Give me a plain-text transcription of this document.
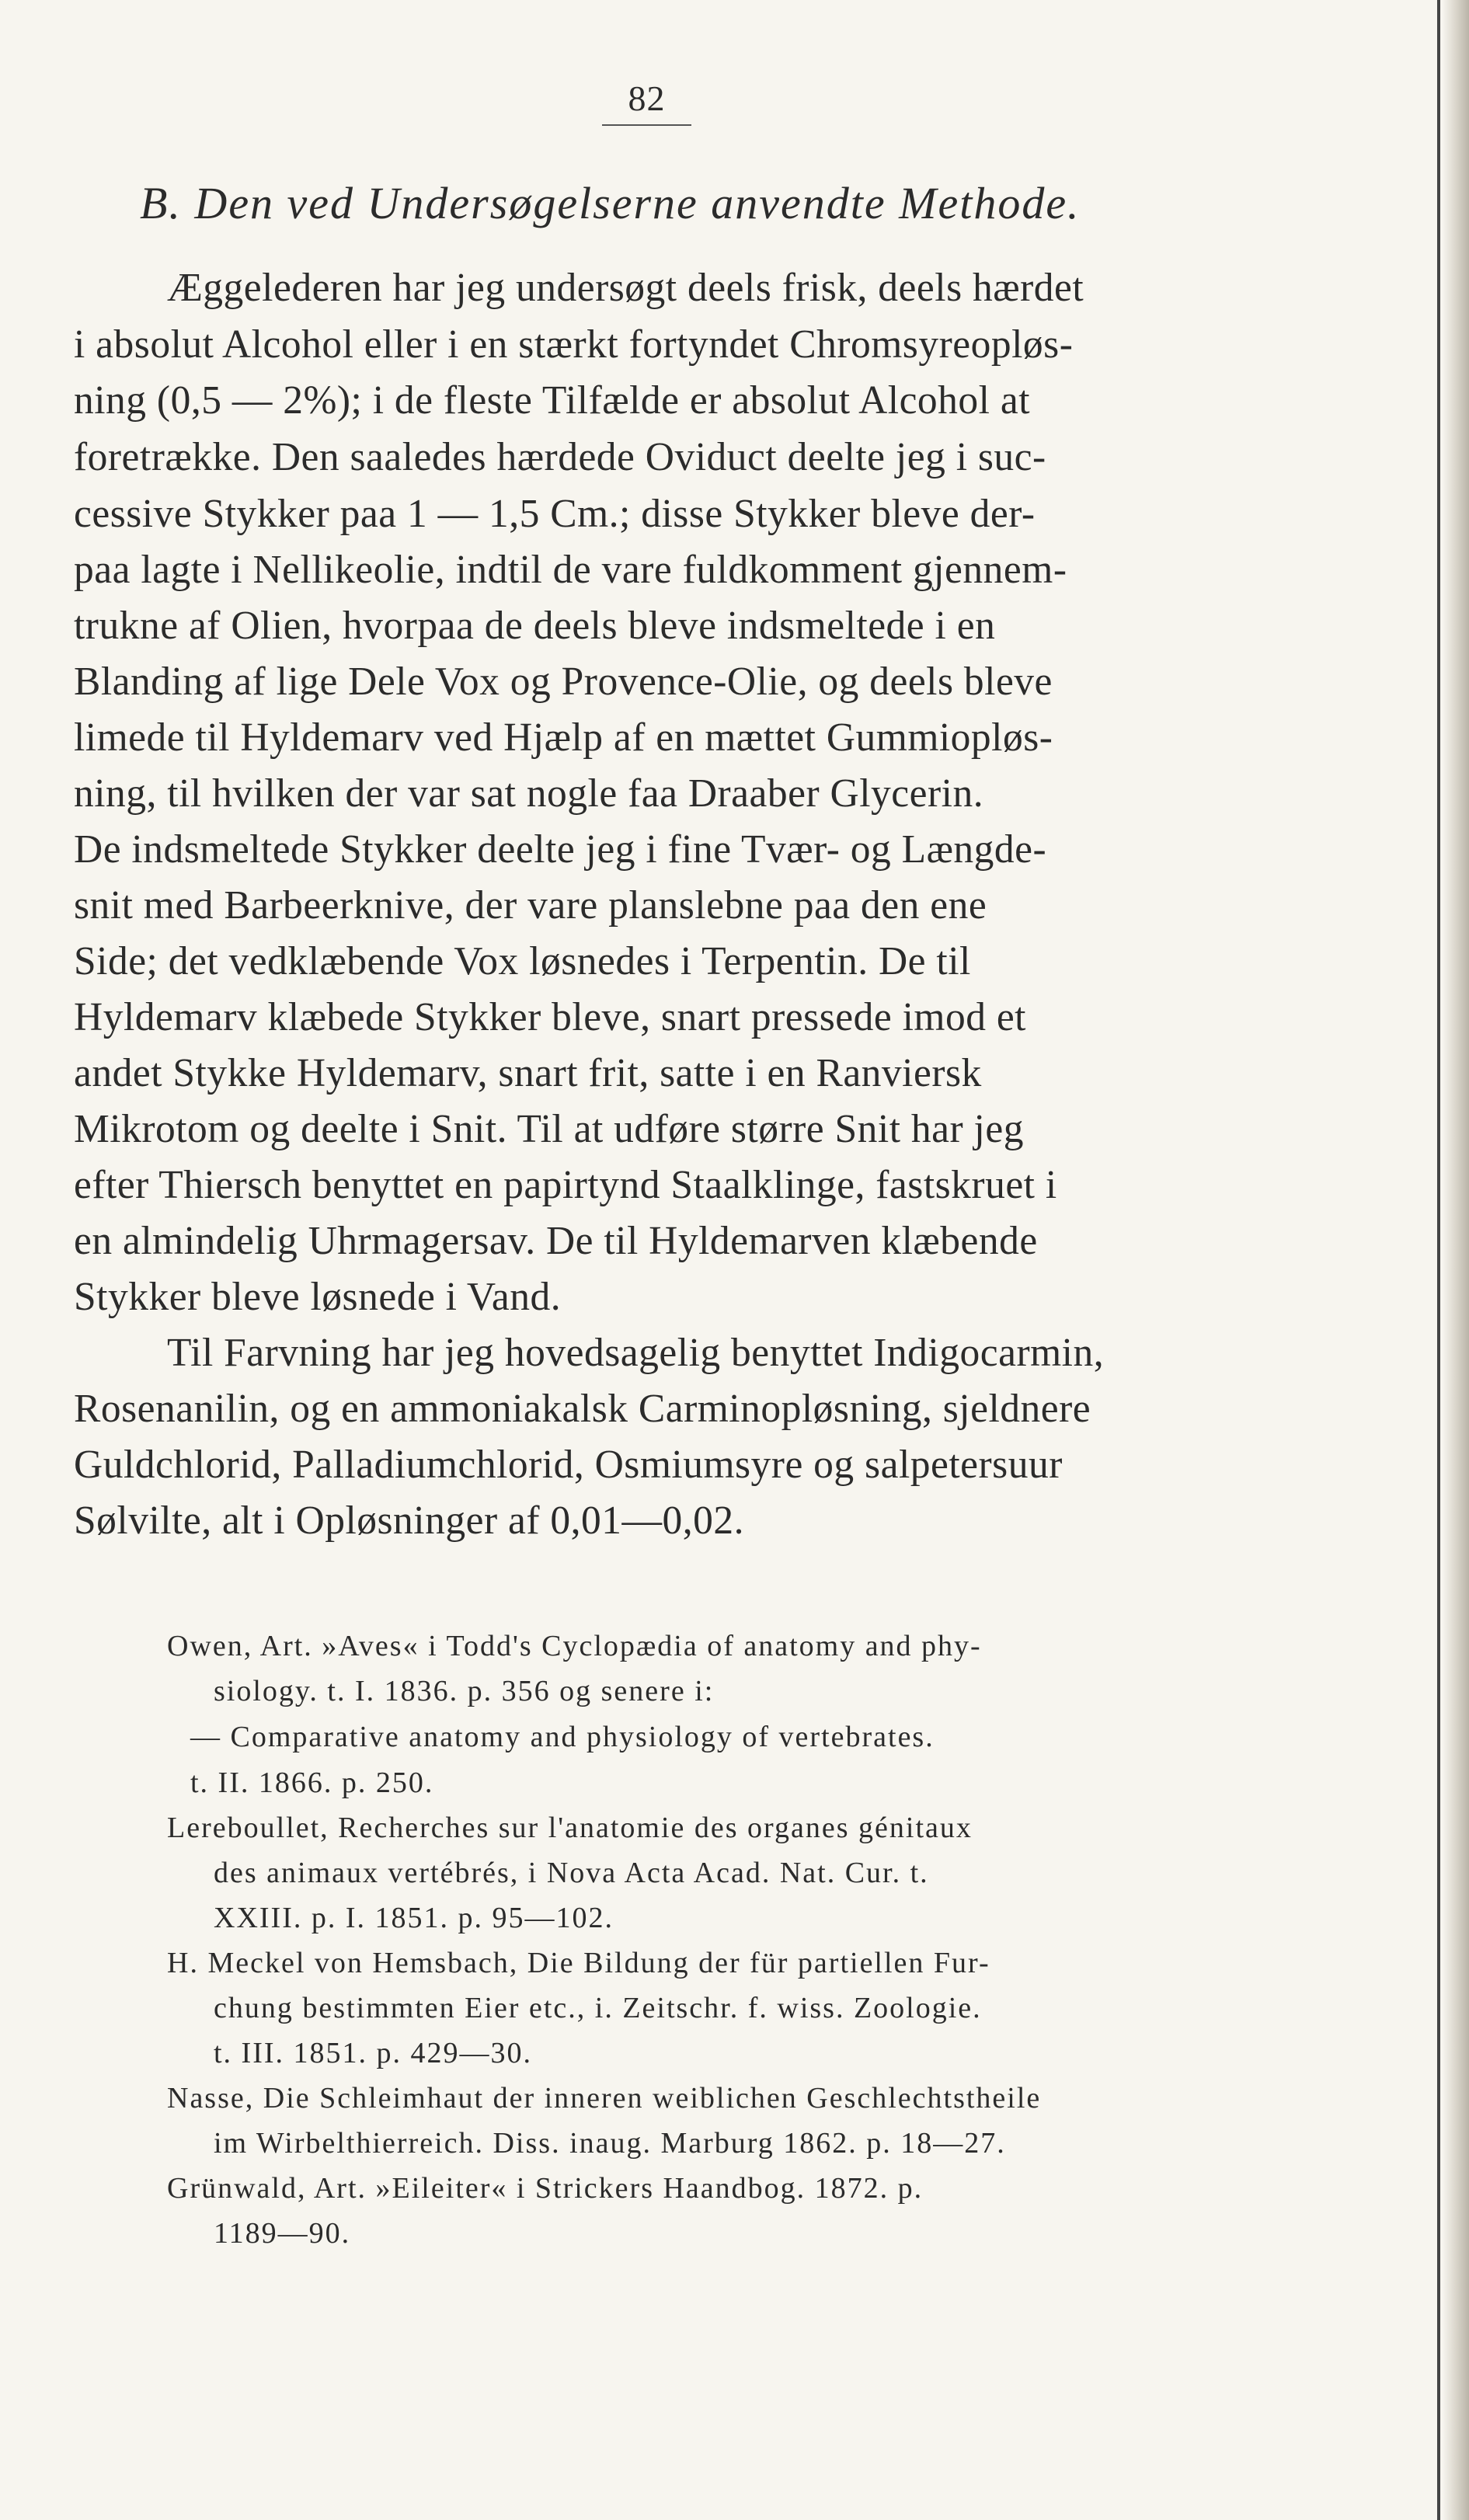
82
B. Den ved Undersøgelserne anvendte Methode.
Æggelederen har jeg undersøgt deels frisk, deels hærdet
i absolut Alcohol eller i en stærkt fortyndet Chromsyreopløs-
ning (0,5 — 2%); i de fleste Tilfælde er absolut Alcohol at
foretrække. Den saaledes hærdede Oviduct deelte jeg i suc-
cessive Stykker paa 1 — 1,5 Cm.; disse Stykker bleve der-
paa lagte i Nellikeolie, indtil de vare fuldkomment gjennem-
trukne af Olien, hvorpaa de deels bleve indsmeltede i en
Blanding af lige Dele Vox og Provence-Olie, og deels bleve
limede til Hyldemarv ved Hjælp af en mættet Gummiopløs-
ning, til hvilken der var sat nogle faa Draaber Glycerin.
De indsmeltede Stykker deelte jeg i fine Tvær- og Længde-
snit med Barbeerknive, der vare planslebne paa den ene
Side; det vedklæbende Vox løsnedes i Terpentin. De til
Hyldemarv klæbede Stykker bleve, snart pressede imod et
andet Stykke Hyldemarv, snart frit, satte i en Ranviersk
Mikrotom og deelte i Snit. Til at udføre større Snit har jeg
efter Thiersch benyttet en papirtynd Staalklinge, fastskruet i
en almindelig Uhrmagersav. De til Hyldemarven klæbende
Stykker bleve løsnede i Vand.
Til Farvning har jeg hovedsagelig benyttet Indigocarmin,
Rosenanilin, og en ammoniakalsk Carminopløsning, sjeldnere
Guldchlorid, Palladiumchlorid, Osmiumsyre og salpetersuur
Sølvilte, alt i Opløsninger af 0,01—0,02.
Owen, Art. »Aves« i Todd's Cyclopædia of anatomy and phy-
siology. t. I. 1836. p. 356 og senere i:
— Comparative anatomy and physiology of vertebrates.
t. II. 1866. p. 250.
Lereboullet, Recherches sur l'anatomie des organes génitaux
des animaux vertébrés, i Nova Acta Acad. Nat. Cur. t.
XXIII. p. I. 1851. p. 95—102.
H. Meckel von Hemsbach, Die Bildung der für partiellen Fur-
chung bestimmten Eier etc., i. Zeitschr. f. wiss. Zoologie.
t. III. 1851. p. 429—30.
Nasse, Die Schleimhaut der inneren weiblichen Geschlechtstheile
im Wirbelthierreich. Diss. inaug. Marburg 1862. p. 18—27.
Grünwald, Art. »Eileiter« i Strickers Haandbog. 1872. p.
1189—90.
